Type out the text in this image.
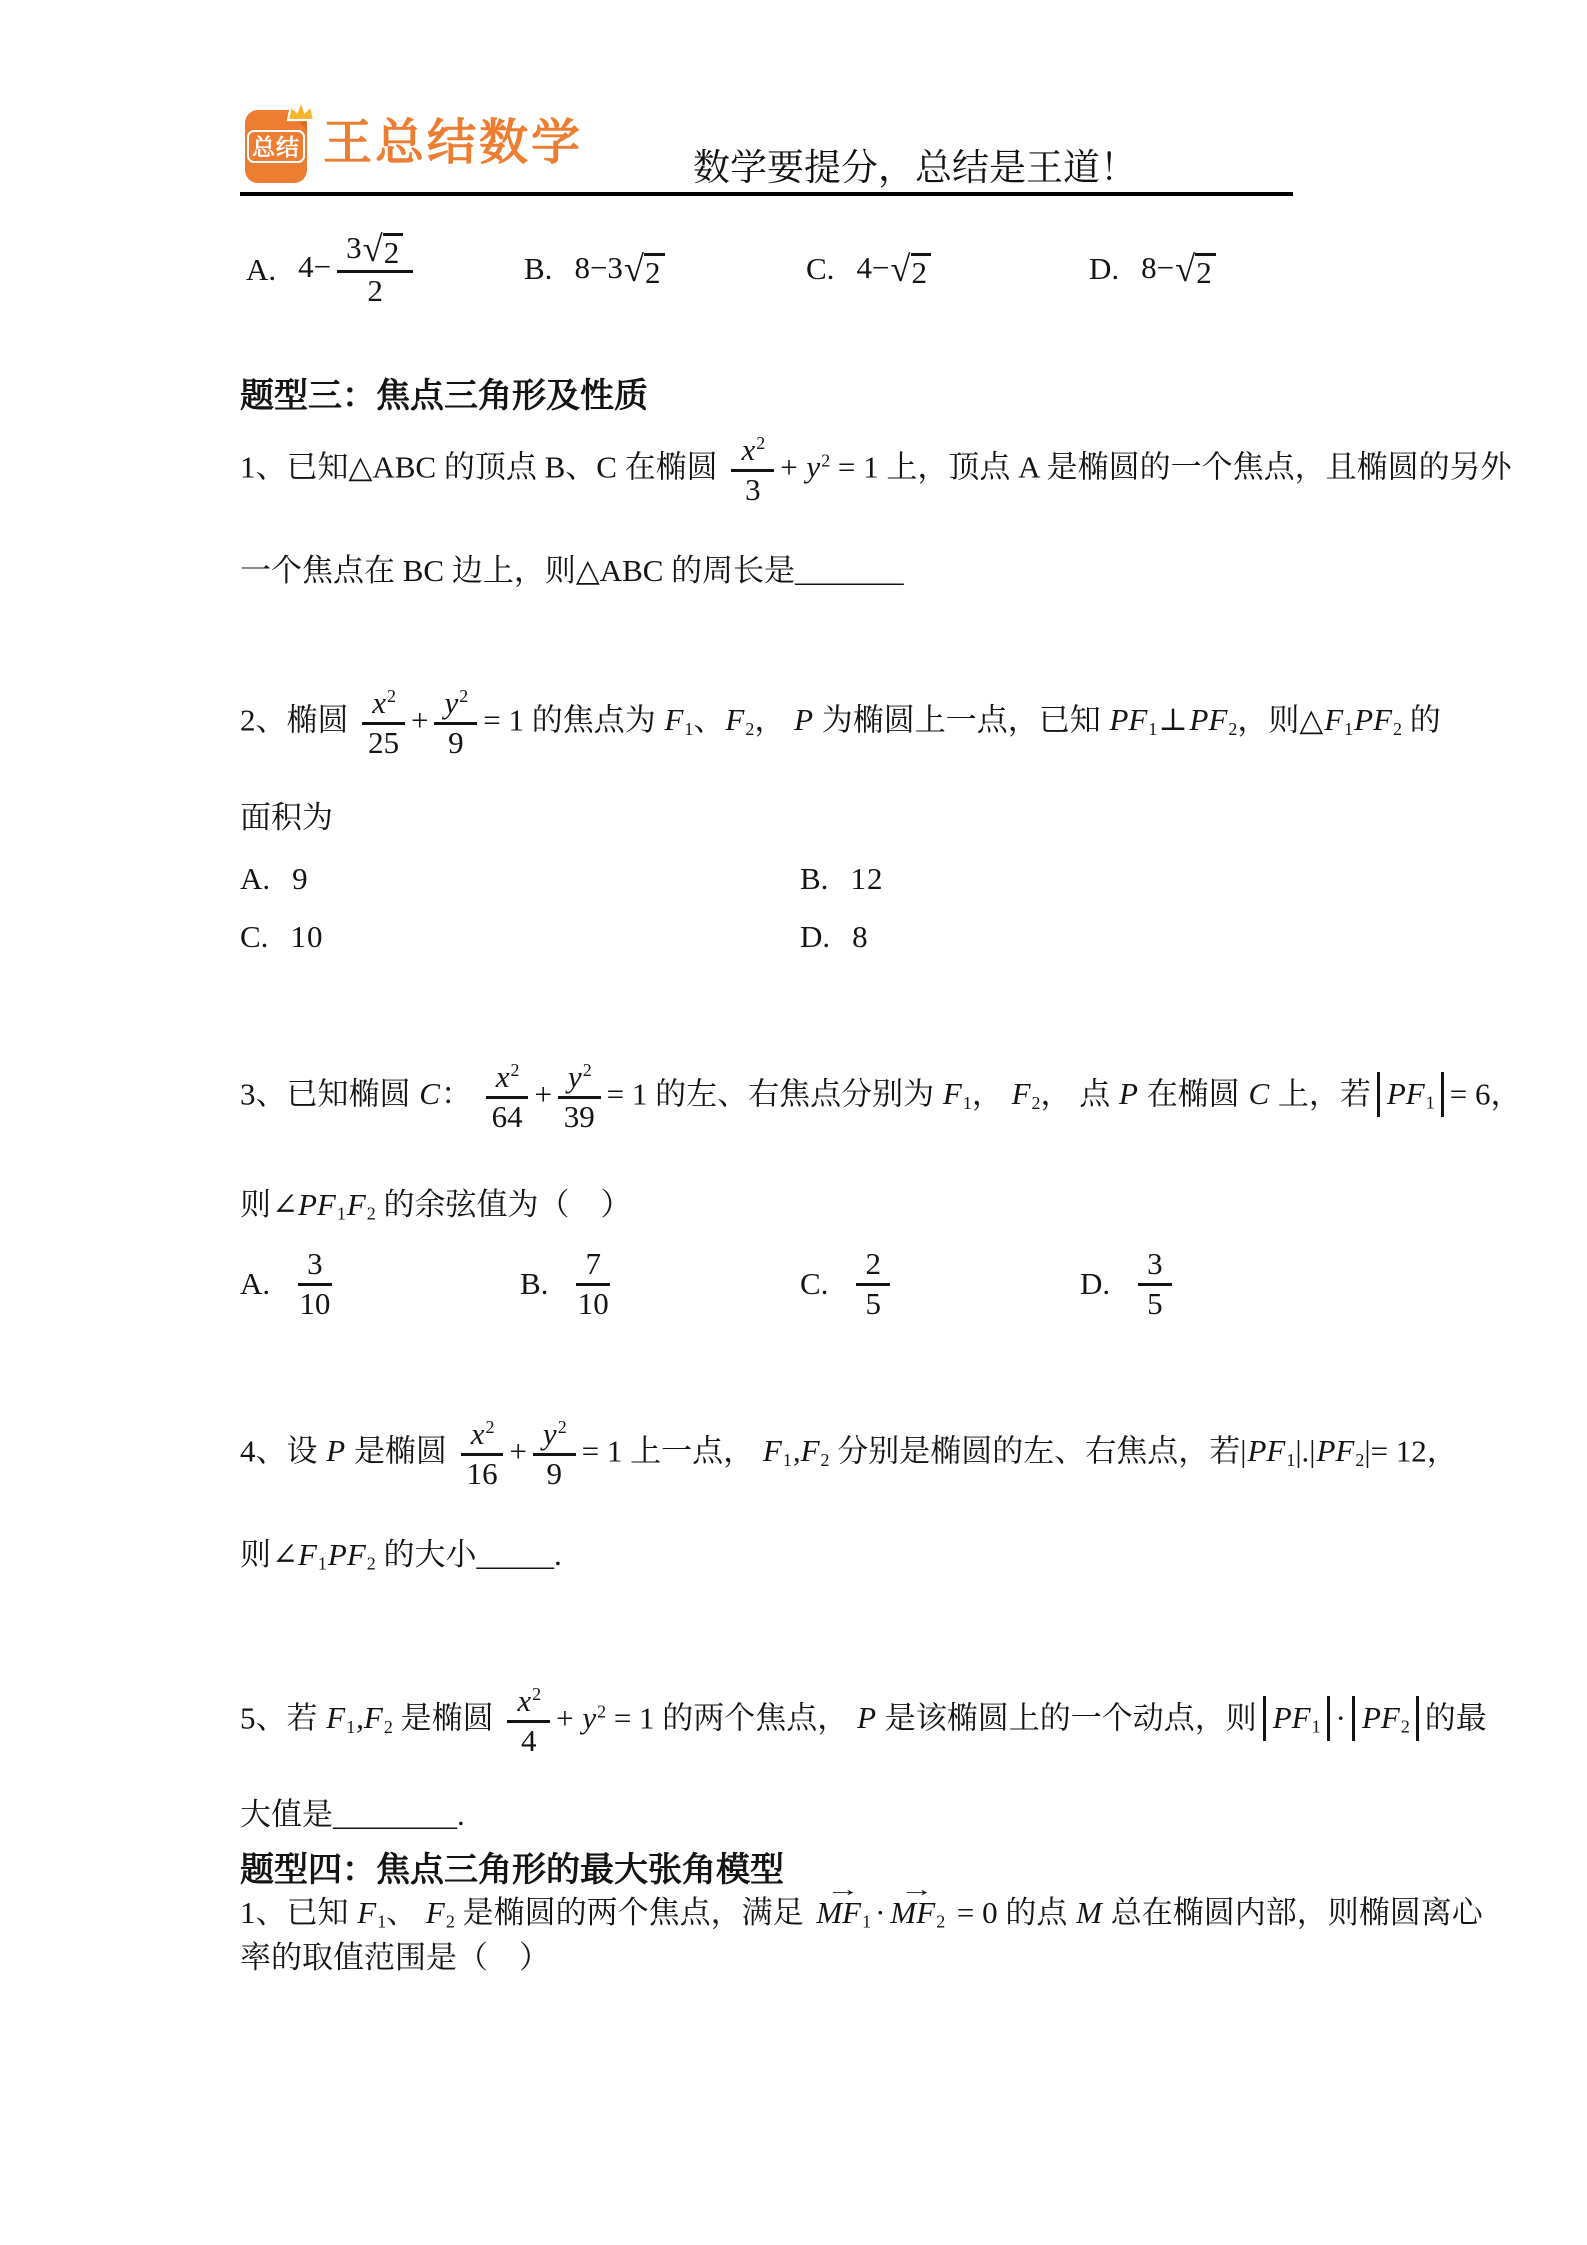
总结 王总结数学	数学要提分，总结是王道！
A. $4- \frac{3 √ 2}{2}$	B. 8−3 √ 2	C. 4− √ 2	D. 8− √ 2
题型三：焦点三角形及性质
1、已知△ABC 的顶点 B、C 在椭圆 $\frac{x^2}{3} + y^2 = 1$ 上，顶点 A 是椭圆的一个焦点，且椭圆的另外
一个焦点在 BC 边上，则△ABC 的周长是_______
2、椭圆 $\frac{x^2}{25} + \frac{y^2}{9} = 1$ 的焦点为 $F_1$、$F_2$， P 为椭圆上一点，已知 $PF_1\perp PF_2$，则$\triangle F_1PF_2$ 的
面积为
A. 9	B. 12
C. 10	D. 8
3、已知椭圆 C： $\frac{x^2}{64} + \frac{y^2}{39} = 1$ 的左、右焦点分别为 $F_1$， $F_2$， 点 P 在椭圆 C 上，若 $PF_1 = 6$，
则$\angle PF_1F_2$ 的余弦值为（　）
A. $\frac{3}{10}$	B. $\frac{7}{10}$	C. $\frac{2}{5}$	D. $\frac{3}{5}$
4、设 P 是椭圆 $\frac{x^2}{16} + \frac{y^2}{9} = 1$ 上一点， $F_1,F_2$ 分别是椭圆的左、右焦点，若$|PF_1|.|PF_2|= 12$，
则$\angle F_1PF_2$ 的大小_____.
5、若 $F_1,F_2$ 是椭圆 $\frac{x^2}{4} + y^2 = 1$ 的两个焦点， P 是该椭圆上的一个动点，则 $PF_1 \cdot PF_2$ 的最
大值是________.
题型四：焦点三角形的最大张角模型
1、已知 $F_1$、 $F_2$ 是椭圆的两个焦点，满足
→
$MF_1$ ·
→
$MF_2 = 0$ 的点 M 总在椭圆内部，则椭圆离心
率的取值范围是（　）
